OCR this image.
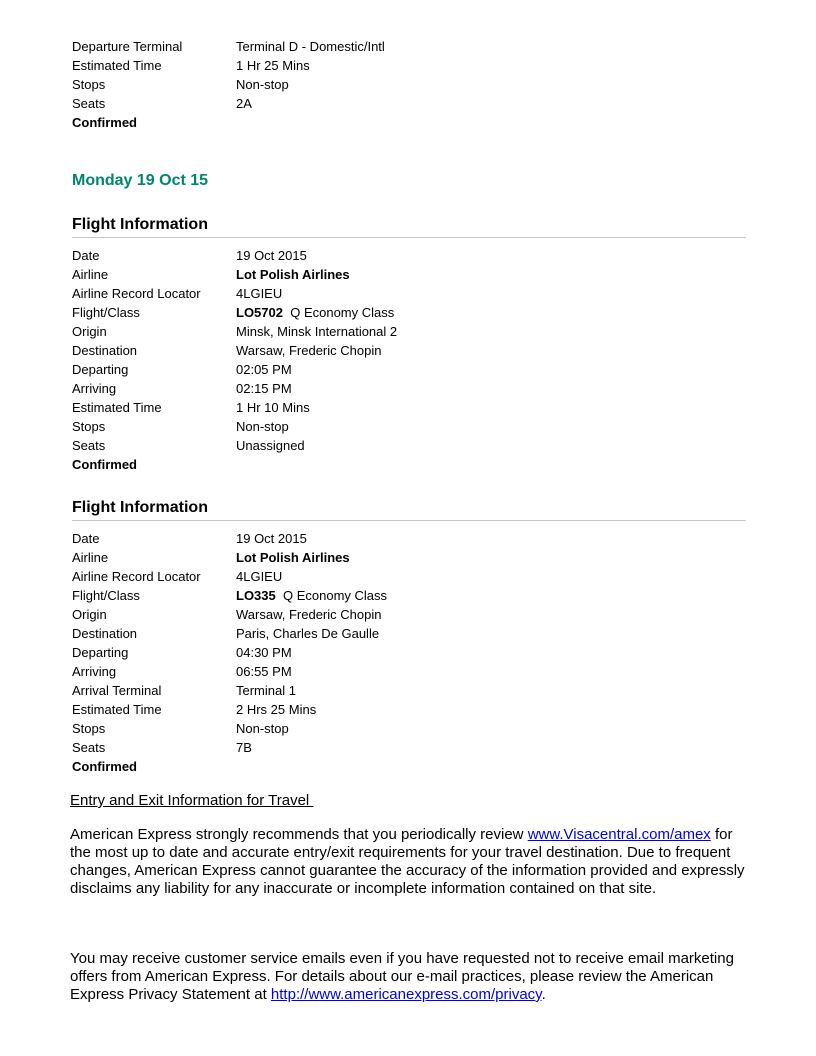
Departure Terminal	Terminal D - Domestic/Intl
Estimated Time	1 Hr 25 Mins
Stops	Non-stop
Seats	2A
Confirmed
Monday 19 Oct 15
Flight Information
Date	19 Oct 2015
Airline	Lot Polish Airlines
Airline Record Locator	4LGIEU
Flight/Class	LO5702 Q Economy Class
Origin	Minsk, Minsk International 2
Destination	Warsaw, Frederic Chopin
Departing	02:05 PM
Arriving	02:15 PM
Estimated Time	1 Hr 10 Mins
Stops	Non-stop
Seats	Unassigned
Confirmed
Flight Information
Date	19 Oct 2015
Airline	Lot Polish Airlines
Airline Record Locator	4LGIEU
Flight/Class	LO335 Q Economy Class
Origin	Warsaw, Frederic Chopin
Destination	Paris, Charles De Gaulle
Departing	04:30 PM
Arriving	06:55 PM
Arrival Terminal	Terminal 1
Estimated Time	2 Hrs 25 Mins
Stops	Non-stop
Seats	7B
Confirmed
Entry and Exit Information for Travel
American Express strongly recommends that you periodically review www.Visacentral.com/amex for the most up to date and accurate entry/exit requirements for your travel destination. Due to frequent changes, American Express cannot guarantee the accuracy of the information provided and expressly disclaims any liability for any inaccurate or incomplete information contained on that site.
You may receive customer service emails even if you have requested not to receive email marketing offers from American Express. For details about our e-mail practices, please review the American Express Privacy Statement at http://www.americanexpress.com/privacy.
